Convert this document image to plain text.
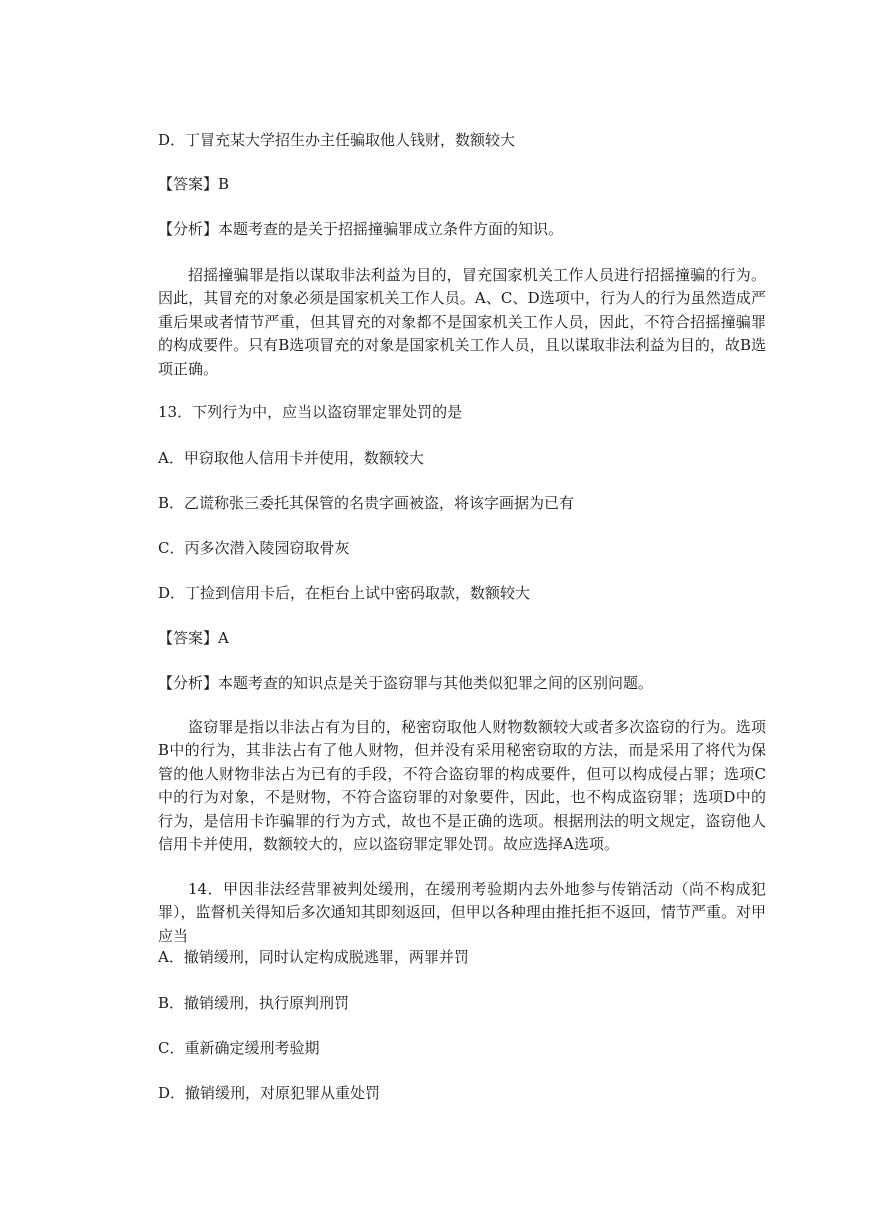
D．丁冒充某大学招生办主任骗取他人钱财，数额较大
【答案】B
【分析】本题考查的是关于招摇撞骗罪成立条件方面的知识。

招摇撞骗罪是指以谋取非法利益为目的，冒充国家机关工作人员进行招摇撞骗的行为。因此，其冒充的对象必须是国家机关工作人员。A、C、D选项中，行为人的行为虽然造成严重后果或者情节严重，但其冒充的对象都不是国家机关工作人员，因此，不符合招摇撞骗罪的构成要件。只有B选项冒充的对象是国家机关工作人员，且以谋取非法利益为目的，故B选项正确。

13．下列行为中，应当以盗窃罪定罪处罚的是
A．甲窃取他人信用卡并使用，数额较大
B．乙谎称张三委托其保管的名贵字画被盗，将该字画据为已有
C．丙多次潜入陵园窃取骨灰
D．丁捡到信用卡后，在柜台上试中密码取款，数额较大
【答案】A
【分析】本题考查的知识点是关于盗窃罪与其他类似犯罪之间的区别问题。

盗窃罪是指以非法占有为目的，秘密窃取他人财物数额较大或者多次盗窃的行为。选项B中的行为，其非法占有了他人财物，但并没有采用秘密窃取的方法，而是采用了将代为保管的他人财物非法占为已有的手段，不符合盗窃罪的构成要件，但可以构成侵占罪；选项C中的行为对象，不是财物，不符合盗窃罪的对象要件，因此，也不构成盗窃罪；选项D中的行为，是信用卡诈骗罪的行为方式，故也不是正确的选项。根据刑法的明文规定，盗窃他人信用卡并使用，数额较大的，应以盗窃罪定罪处罚。故应选择A选项。

14．甲因非法经营罪被判处缓刑，在缓刑考验期内去外地参与传销活动（尚不构成犯罪），监督机关得知后多次通知其即刻返回，但甲以各种理由推托拒不返回，情节严重。对甲应当

A．撤销缓刑，同时认定构成脱逃罪，两罪并罚
B．撤销缓刑，执行原判刑罚
C．重新确定缓刑考验期
D．撤销缓刑，对原犯罪从重处罚
